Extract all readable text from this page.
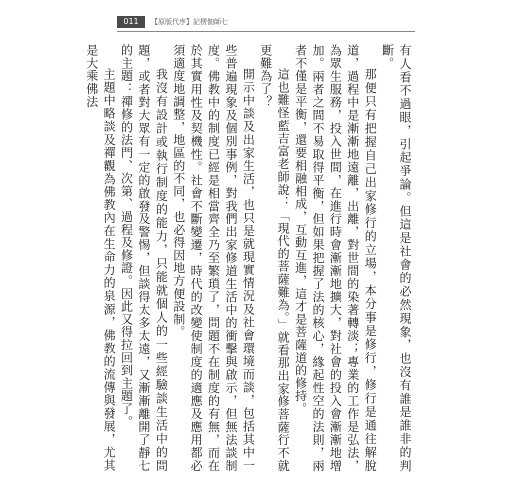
011	【原版代序】記楞伽師七

有人看不過眼，引起爭論。但這是社會的必然現象，也沒有誰是誰非的判斷。

那便只有把握自己出家修行的立場，本分事是修行，修行是通往解脫道，過程中是漸漸地遠離，出離，對世間的染著轉淡；專業的工作是弘法，為眾生服務，投入世間，在進行時會漸漸地擴大，對社會的投入會漸漸地增加。兩者之間不易取得平衡，但如果把握了法的核心，緣起性空的法則，兩者不僅是平衡，還要相融相成，互動互進，這才是菩薩道的修持。

這也難怪藍吉富老師說：「現代的菩薩難為。」就看那出家修菩薩行不就更難為了？

開示中談及出家生活，也只是就現實情況及社會環境而談，包括其中一些普遍現象及個別事例，對我們出家修道生活中的衝擊與啟示，但無法談制度。佛教中的制度已經是相當齊全乃至繁瑣了，問題不在制度的有無，而在於其實用性及契機性。社會不斷變遷，時代的改變使制度的適應及應用都必須適度地調整，地區的不同，也必得因地方便設制。

我沒有設計或執行制度的能力，只能就個人的一些經驗談生活中的問題，或者對大眾有一定的啟發及警惕，但談得太多太遠，又漸漸離開了靜七的主題：禪修的法門、次第、過程及修證。因此又得拉回到主題了。

主題中略談及禪觀為佛教內在生命力的泉源，佛教的流傳與發展，尤其是大乘佛法
